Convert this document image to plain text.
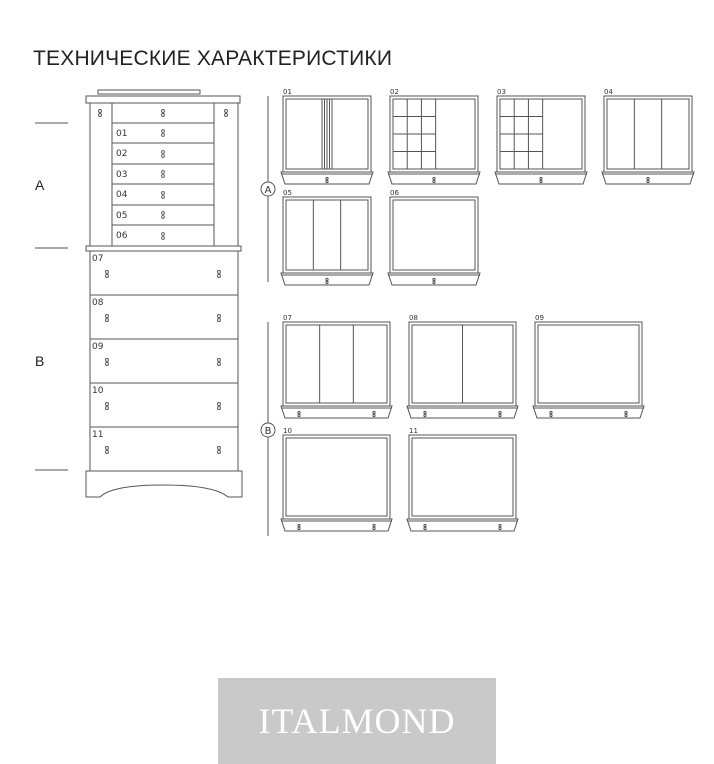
ТЕХНИЧЕСКИЕ ХАРАКТЕРИСТИКИ
A
B
01
02
03
04
05
06
07
08
09
10
11
A
B
01	02	03	04
05	06
07	08	09
10	11
ITALMOND
